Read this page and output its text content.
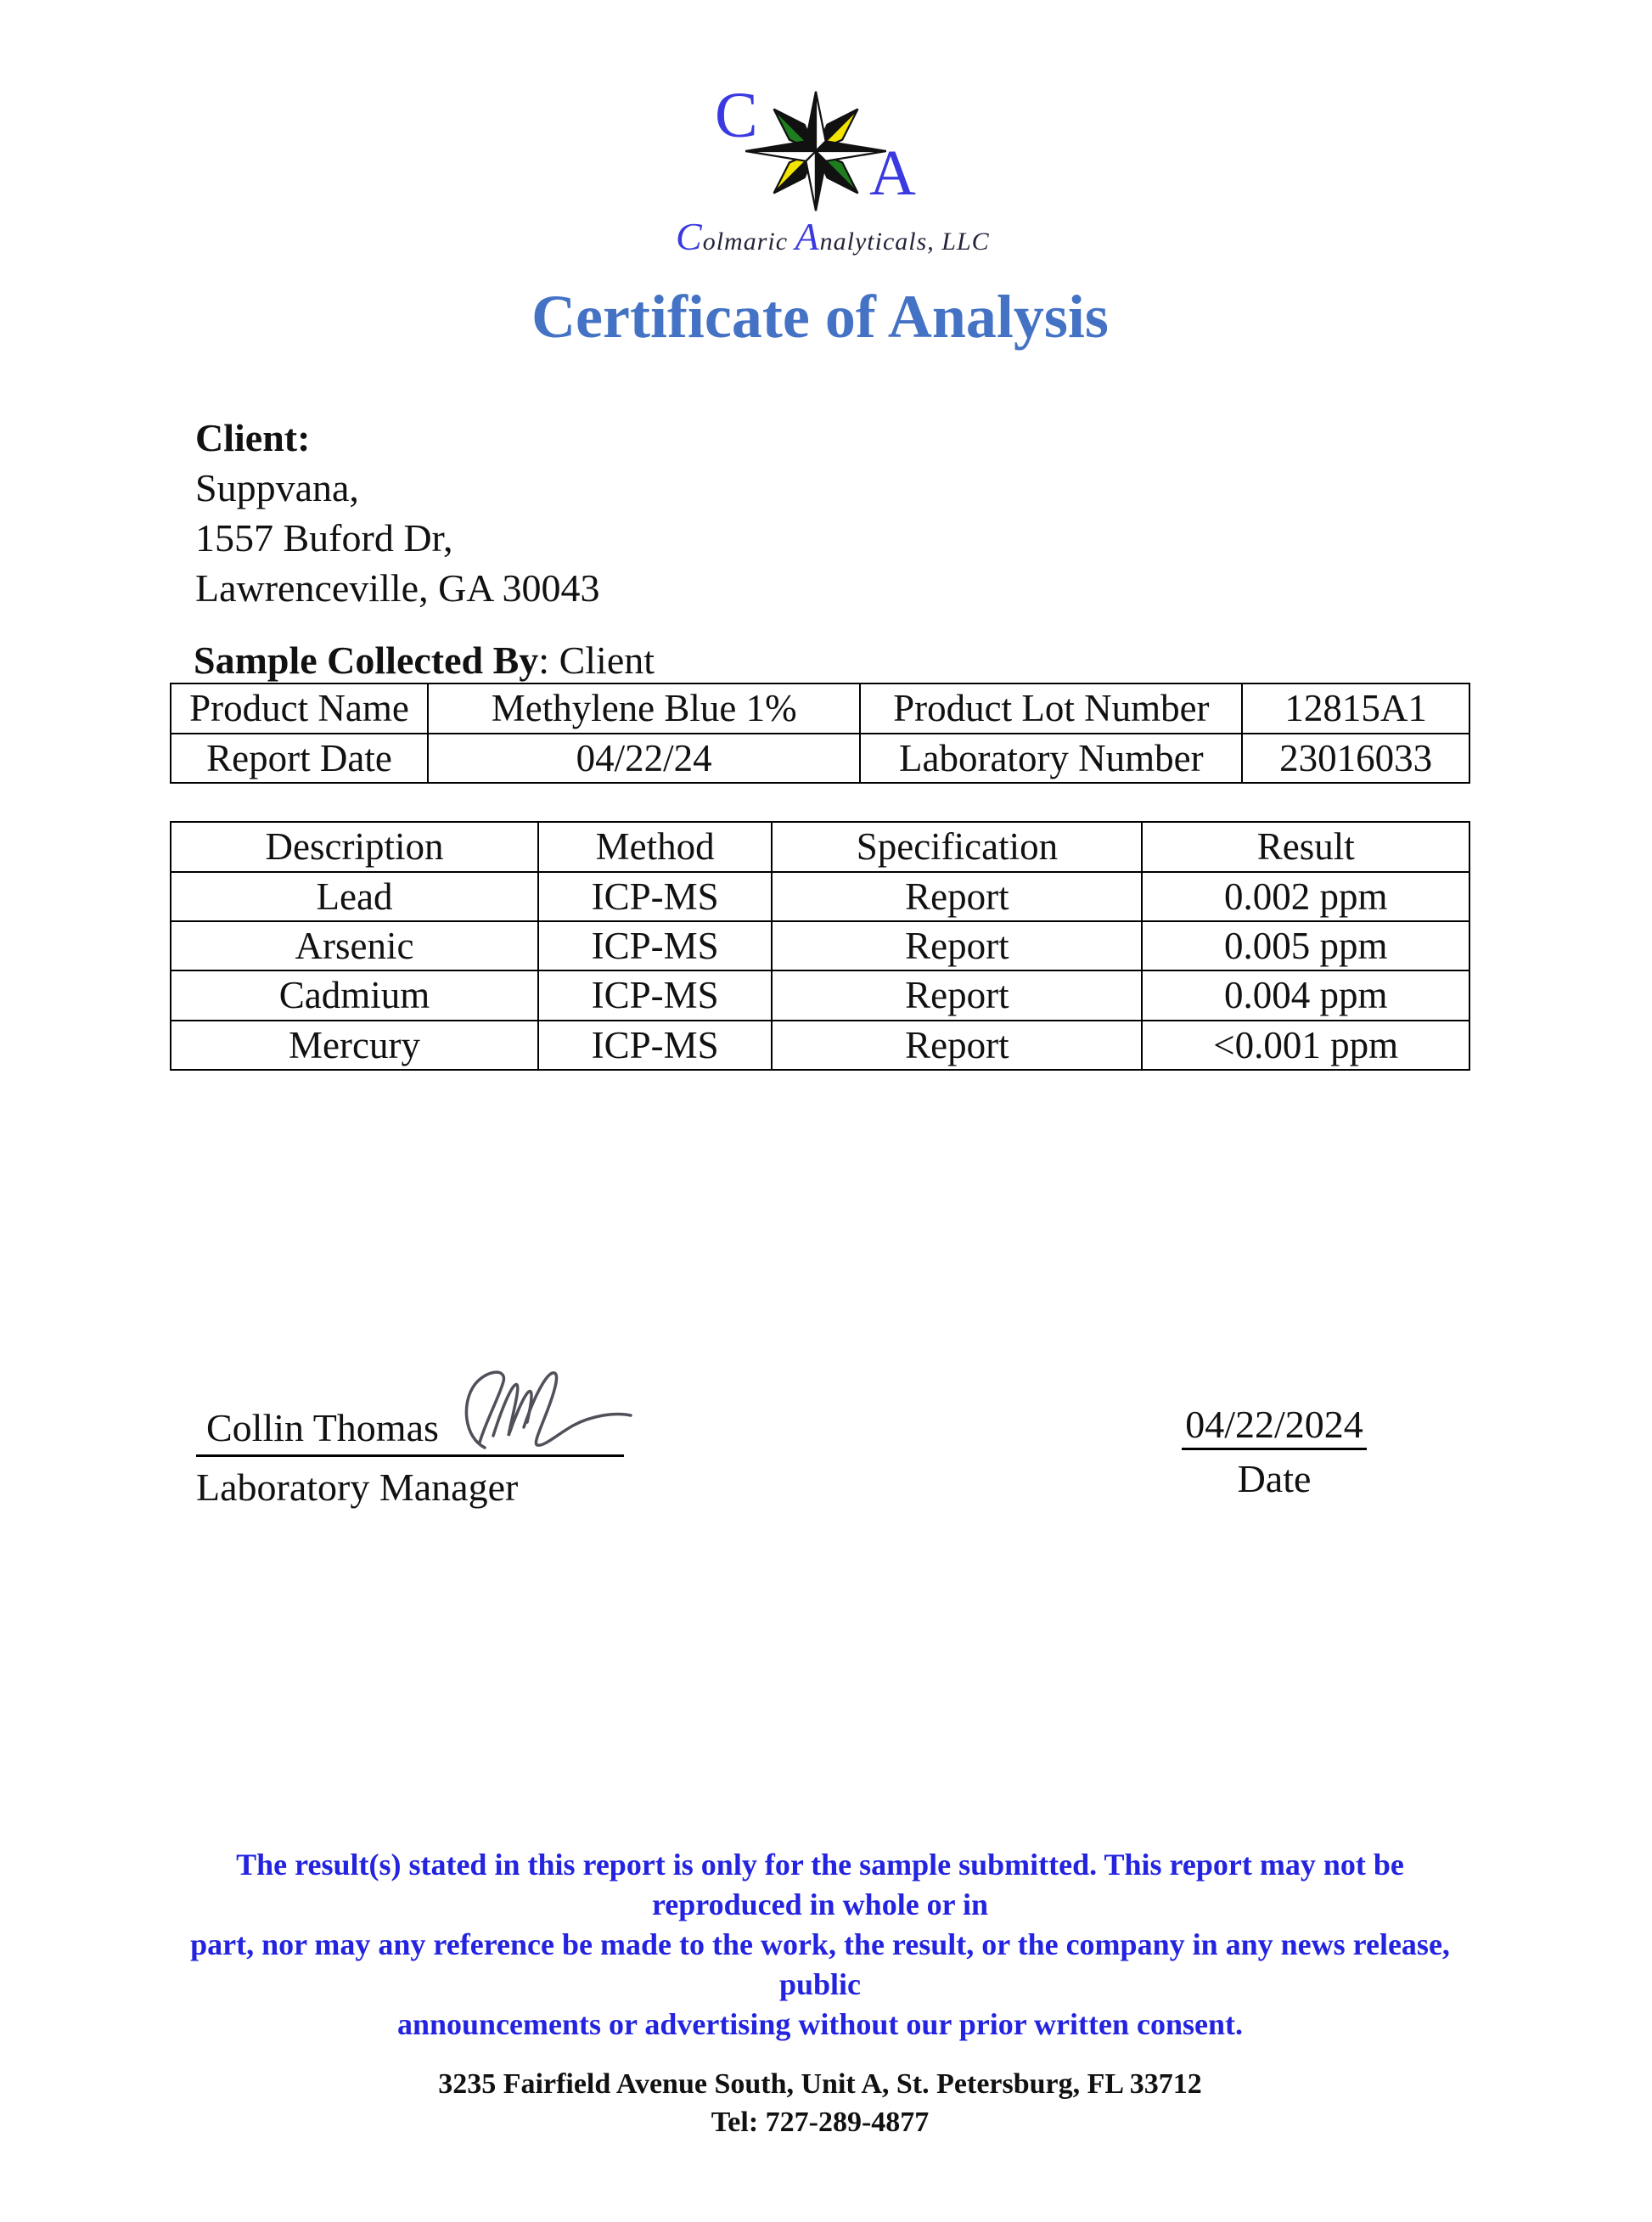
C
A
Colmaric Analyticals, LLC
Certificate of Analysis
Client:
Suppvana,
1557 Buford Dr,
Lawrenceville, GA 30043
Sample Collected By: Client
Product Name	Methylene Blue 1%	Product Lot Number	12815A1
Report Date	04/22/24	Laboratory Number	23016033
Description	Method	Specification	Result
Lead	ICP-MS	Report	0.002 ppm
Arsenic	ICP-MS	Report	0.005 ppm
Cadmium	ICP-MS	Report	0.004 ppm
Mercury	ICP-MS	Report	<0.001 ppm
Collin Thomas
Laboratory Manager
04/22/2024
Date
The result(s) stated in this report is only for the sample submitted. This report may not be reproduced in whole or in
part, nor may any reference be made to the work, the result, or the company in any news release, public
announcements or advertising without our prior written consent.
3235 Fairfield Avenue South, Unit A, St. Petersburg, FL 33712
Tel: 727-289-4877
